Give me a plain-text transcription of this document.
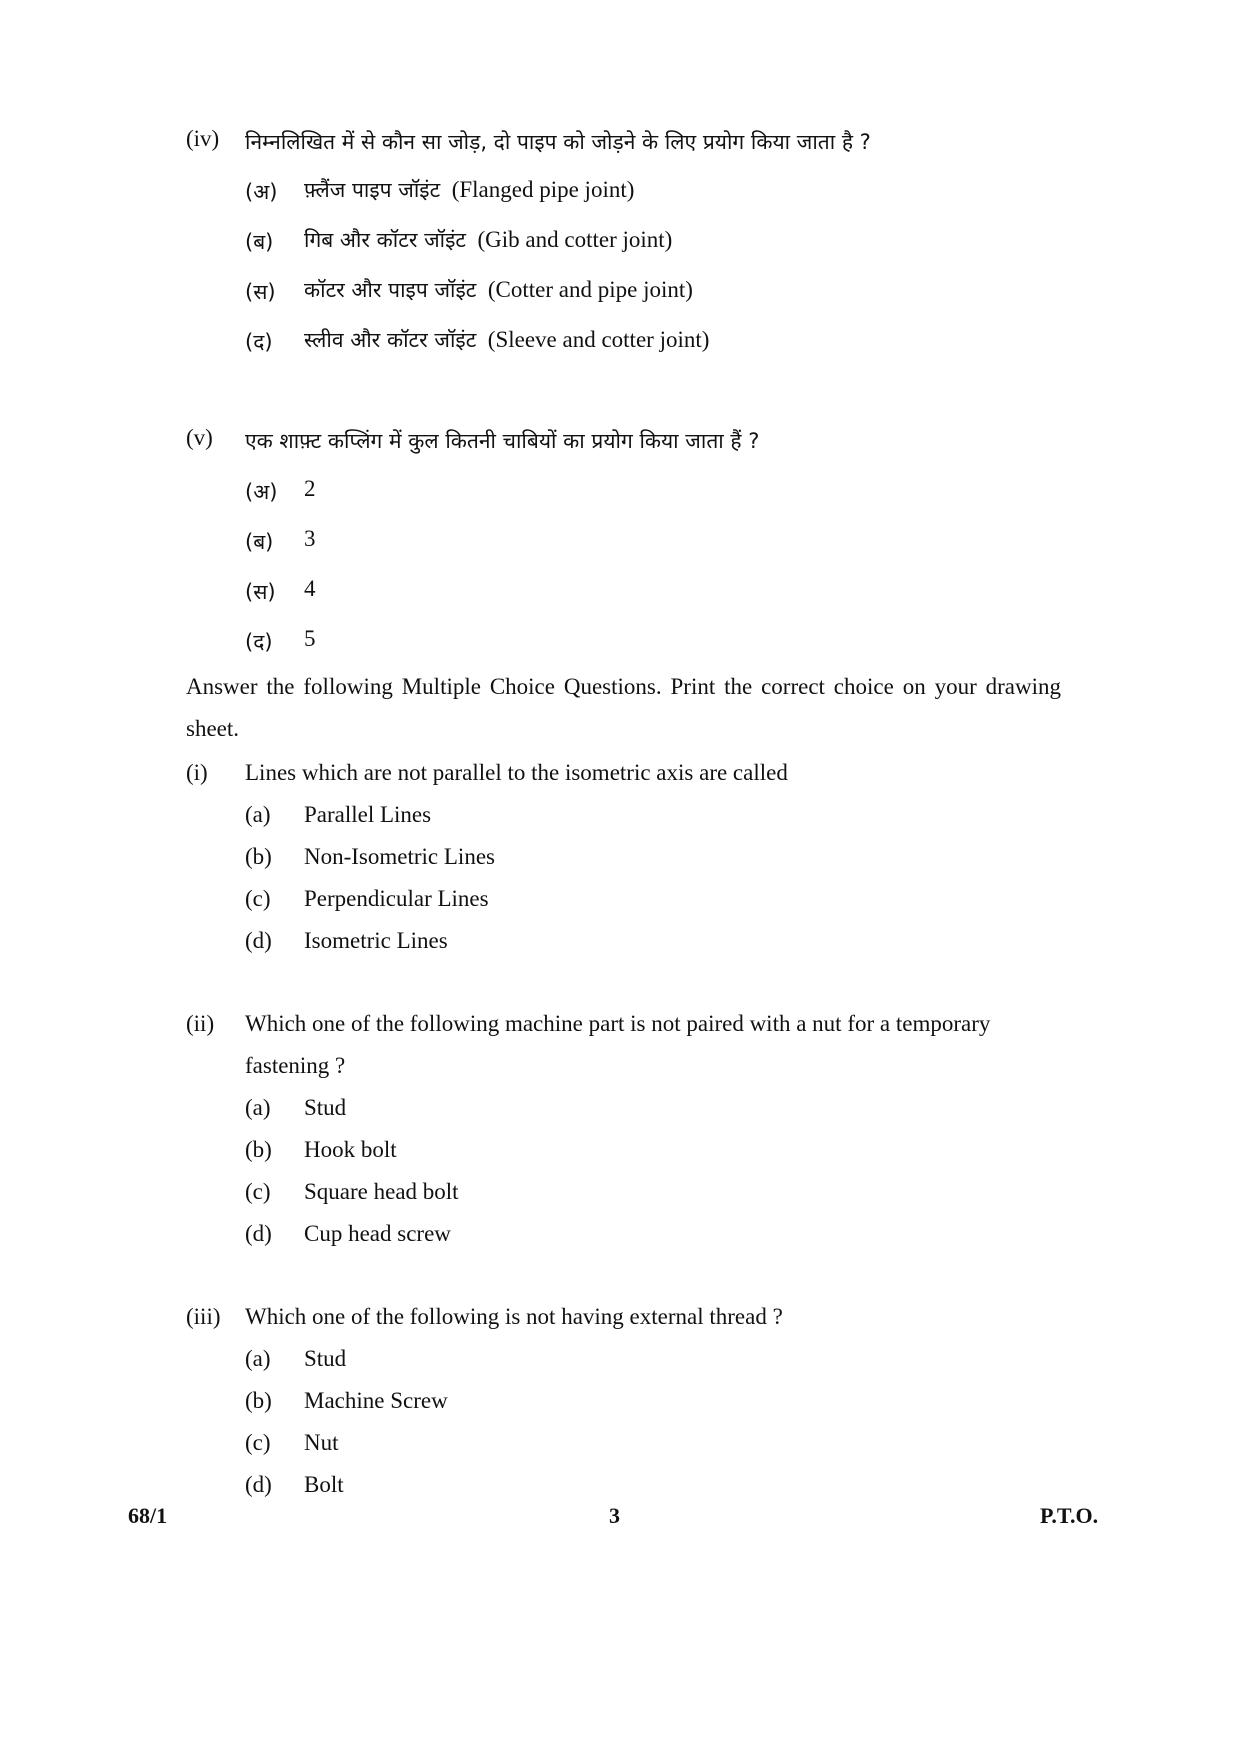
(iv) निम्नलिखित में से कौन सा जोड़, दो पाइप को जोड़ने के लिए प्रयोग किया जाता है ?
(अ) फ़्लैंज पाइप जॉइंट (Flanged pipe joint)
(ब) गिब और कॉटर जॉइंट (Gib and cotter joint)
(स) कॉटर और पाइप जॉइंट (Cotter and pipe joint)
(द) स्लीव और कॉटर जॉइंट (Sleeve and cotter joint)
(v) एक शाफ़्ट कप्लिंग में कुल कितनी चाबियों का प्रयोग किया जाता हैं ?
(अ) 2
(ब) 3
(स) 4
(द) 5
Answer the following Multiple Choice Questions. Print the correct choice on your drawing sheet.
(i) Lines which are not parallel to the isometric axis are called
(a) Parallel Lines
(b) Non-Isometric Lines
(c) Perpendicular Lines
(d) Isometric Lines
(ii) Which one of the following machine part is not paired with a nut for a temporary
fastening ?
(a) Stud
(b) Hook bolt
(c) Square head bolt
(d) Cup head screw
(iii) Which one of the following is not having external thread ?
(a) Stud
(b) Machine Screw
(c) Nut
(d) Bolt
68/1	3	P.T.O.
